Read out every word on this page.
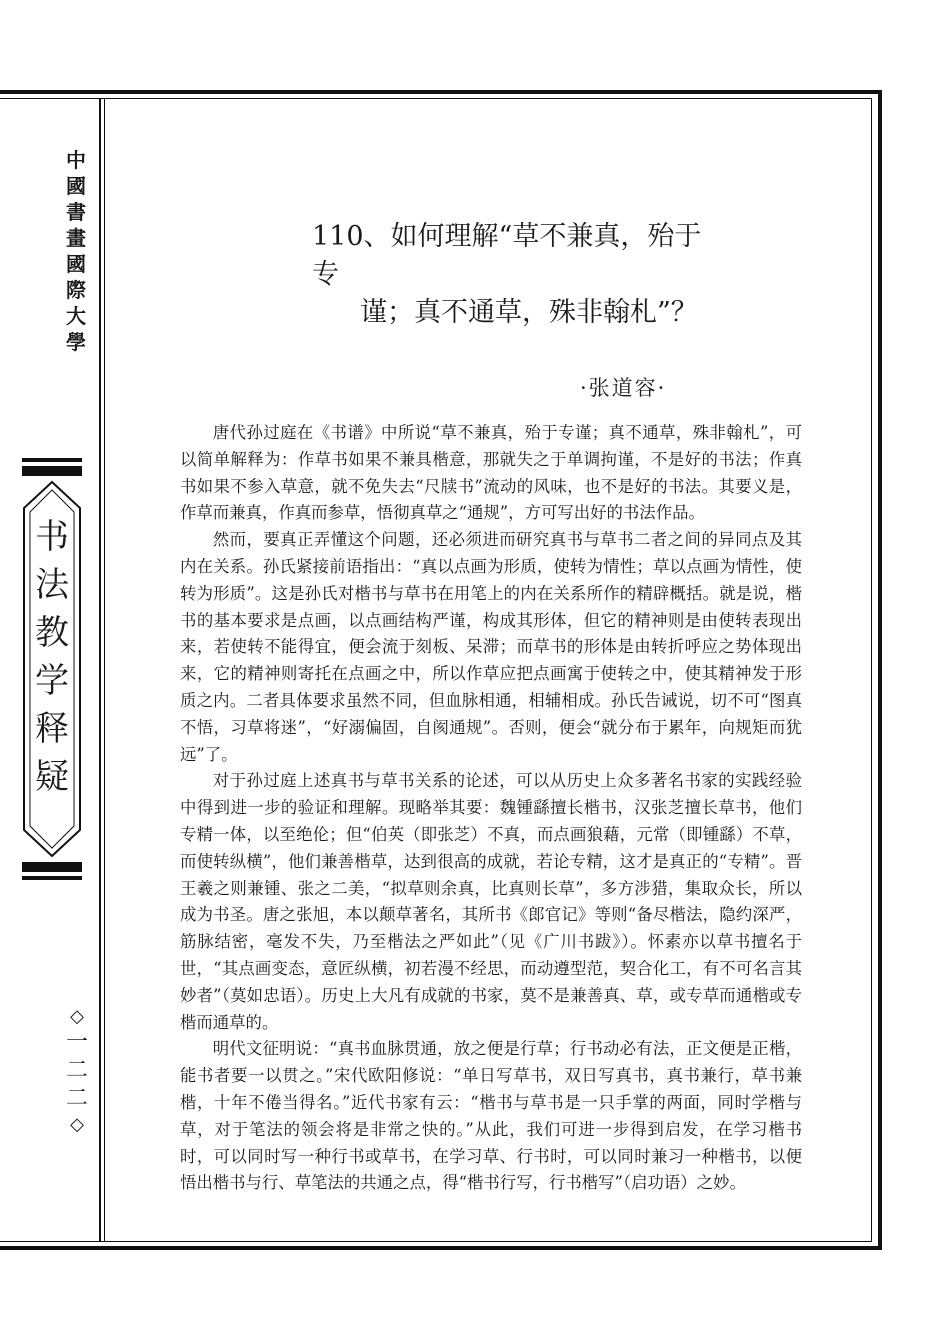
中
國
書
畫
國
際
大
學
书
法
教
学
释
疑
◇
一
二
二
◇
110、如何理解“草不兼真，殆于专
谨；真不通草，殊非翰札”？
·张道容·

唐代孙过庭在《书谱》中所说“草不兼真，殆于专谨；真不通草，殊非翰札”，可以简单解释为：作草书如果不兼具楷意，那就失之于单调拘谨，不是好的书法；作真书如果不参入草意，就不免失去“尺牍书”流动的风味，也不是好的书法。其要义是，作草而兼真，作真而参草，悟彻真草之“通规”，方可写出好的书法作品。

然而，要真正弄懂这个问题，还必须进而研究真书与草书二者之间的异同点及其内在关系。孙氏紧接前语指出：“真以点画为形质，使转为情性；草以点画为情性，使转为形质”。这是孙氏对楷书与草书在用笔上的内在关系所作的精辟概括。就是说，楷书的基本要求是点画，以点画结构严谨，构成其形体，但它的精神则是由使转表现出来，若使转不能得宜，便会流于刻板、呆滞；而草书的形体是由转折呼应之势体现出来，它的精神则寄托在点画之中，所以作草应把点画寓于使转之中，使其精神发于形质之内。二者具体要求虽然不同，但血脉相通，相辅相成。孙氏告诫说，切不可“图真不悟，习草将迷”，“好溺偏固，自阂通规”。否则，便会“就分布于累年，向规矩而犹远”了。

对于孙过庭上述真书与草书关系的论述，可以从历史上众多著名书家的实践经验中得到进一步的验证和理解。现略举其要：魏锺繇擅长楷书，汉张芝擅长草书，他们专精一体，以至绝伦；但“伯英（即张芝）不真，而点画狼藉，元常（即锺繇）不草，而使转纵横”，他们兼善楷草，达到很高的成就，若论专精，这才是真正的“专精”。晋王羲之则兼锺、张之二美，“拟草则余真，比真则长草”，多方涉猎，集取众长，所以成为书圣。唐之张旭，本以颠草著名，其所书《郎官记》等则“备尽楷法，隐约深严，筋脉结密，毫发不失，乃至楷法之严如此”（见《广川书跋》）。怀素亦以草书擅名于世，“其点画变态，意匠纵横，初若漫不经思，而动遵型范，契合化工，有不可名言其妙者”（莫如忠语）。历史上大凡有成就的书家，莫不是兼善真、草，或专草而通楷或专楷而通草的。

明代文征明说：“真书血脉贯通，放之便是行草；行书动必有法，正文便是正楷，能书者要一以贯之。”宋代欧阳修说：“单日写草书，双日写真书，真书兼行，草书兼楷，十年不倦当得名。”近代书家有云：“楷书与草书是一只手掌的两面，同时学楷与草，对于笔法的领会将是非常之快的。”从此，我们可进一步得到启发，在学习楷书时，可以同时写一种行书或草书，在学习草、行书时，可以同时兼习一种楷书，以便悟出楷书与行、草笔法的共通之点，得“楷书行写，行书楷写”（启功语）之妙。
